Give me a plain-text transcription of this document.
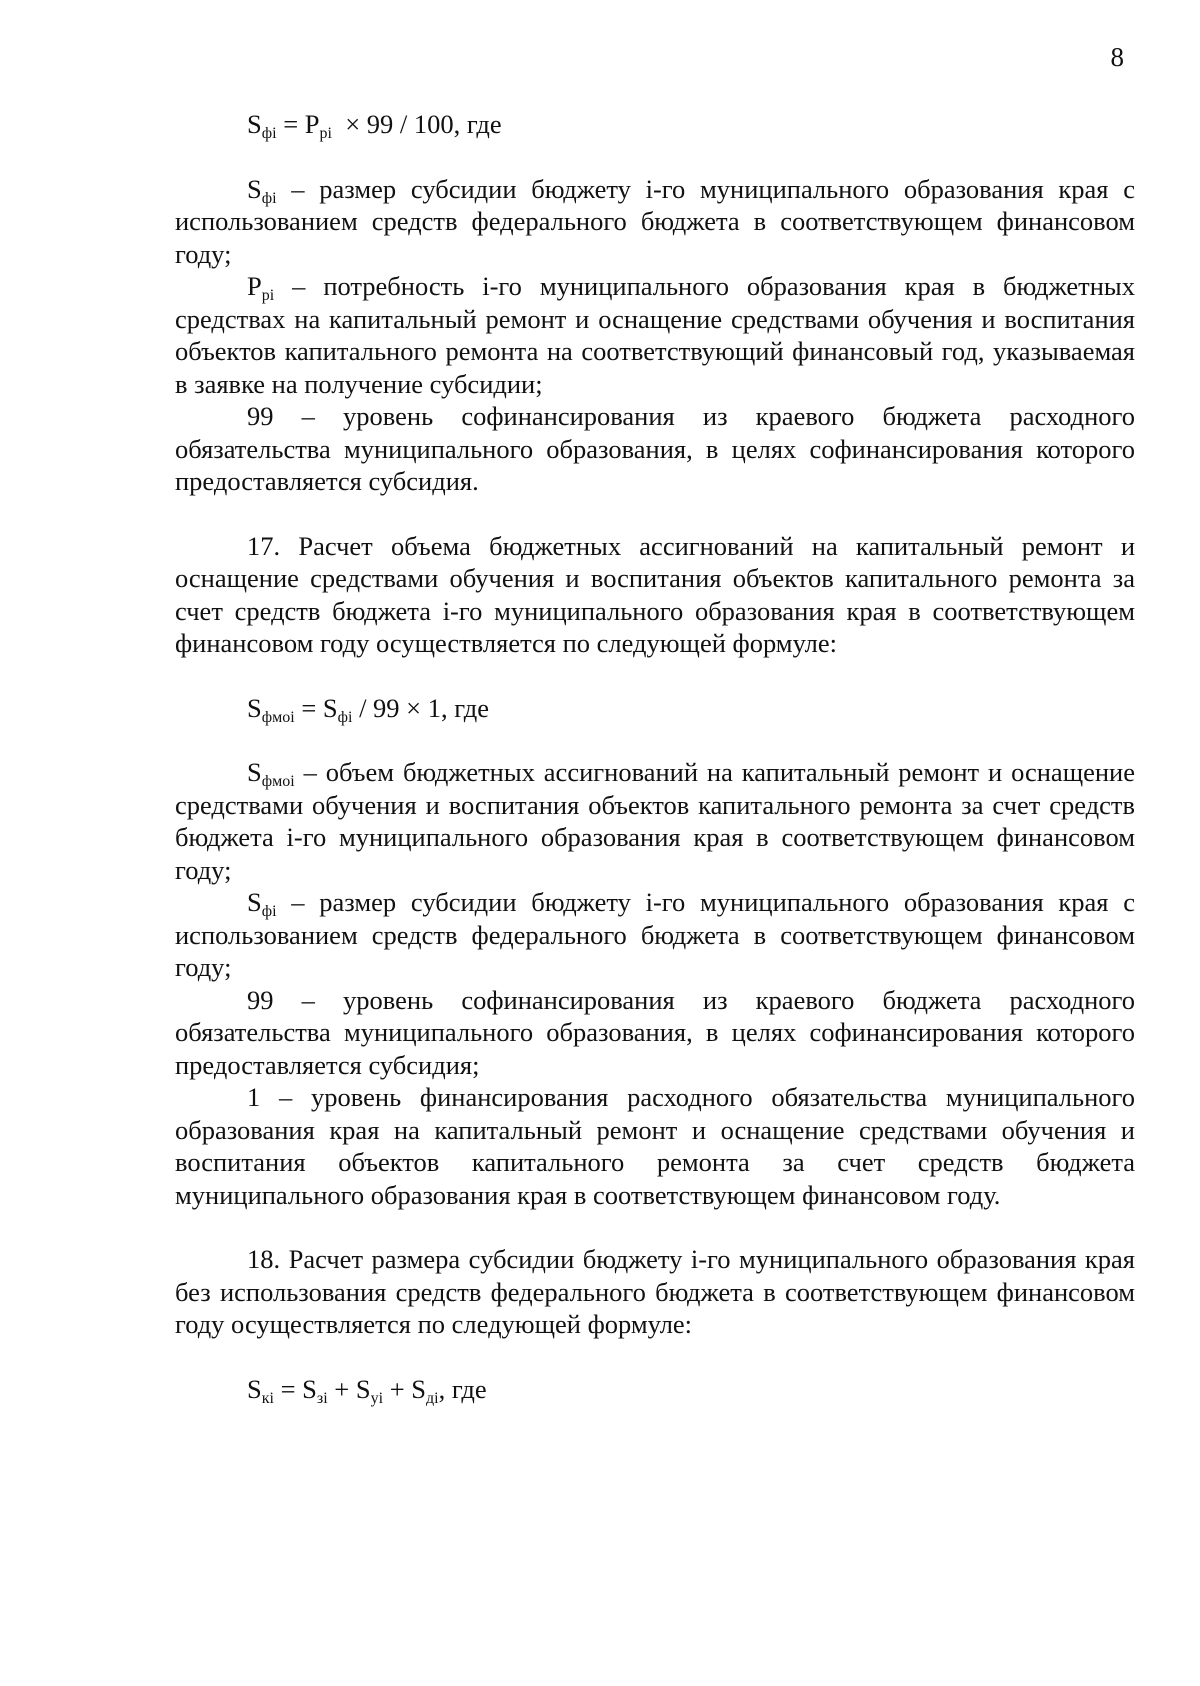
8
$S_{фi} = P_{pi} \times 99 / 100$, где
$S_{фi}$ – размер субсидии бюджету i-го муниципального образования края с использованием средств федерального бюджета в соответствующем финансовом году;
$P_{pi}$ – потребность i-го муниципального образования края в бюджетных средствах на капитальный ремонт и оснащение средствами обучения и воспитания объектов капитального ремонта на соответствующий финансовый год, указываемая в заявке на получение субсидии;
99 – уровень софинансирования из краевого бюджета расходного обязательства муниципального образования, в целях софинансирования которого предоставляется субсидия.
17. Расчет объема бюджетных ассигнований на капитальный ремонт и оснащение средствами обучения и воспитания объектов капитального ремонта за счет средств бюджета i-го муниципального образования края в соответствующем финансовом году осуществляется по следующей формуле:
$S_{фмоi} = S_{фi} / 99 \times 1$, где
$S_{фмоi}$ – объем бюджетных ассигнований на капитальный ремонт и оснащение средствами обучения и воспитания объектов капитального ремонта за счет средств бюджета i-го муниципального образования края в соответствующем финансовом году;
$S_{фi}$ – размер субсидии бюджету i-го муниципального образования края с использованием средств федерального бюджета в соответствующем финансовом году;
99 – уровень софинансирования из краевого бюджета расходного обязательства муниципального образования, в целях софинансирования которого предоставляется субсидия;
1 – уровень финансирования расходного обязательства муниципального образования края на капитальный ремонт и оснащение средствами обучения и воспитания объектов капитального ремонта за счет средств бюджета муниципального образования края в соответствующем финансовом году.
18. Расчет размера субсидии бюджету i-го муниципального образования края без использования средств федерального бюджета в соответствующем финансовом году осуществляется по следующей формуле:
$S_{кi} = S_{зi} + S_{уi} + S_{дi}$, где
